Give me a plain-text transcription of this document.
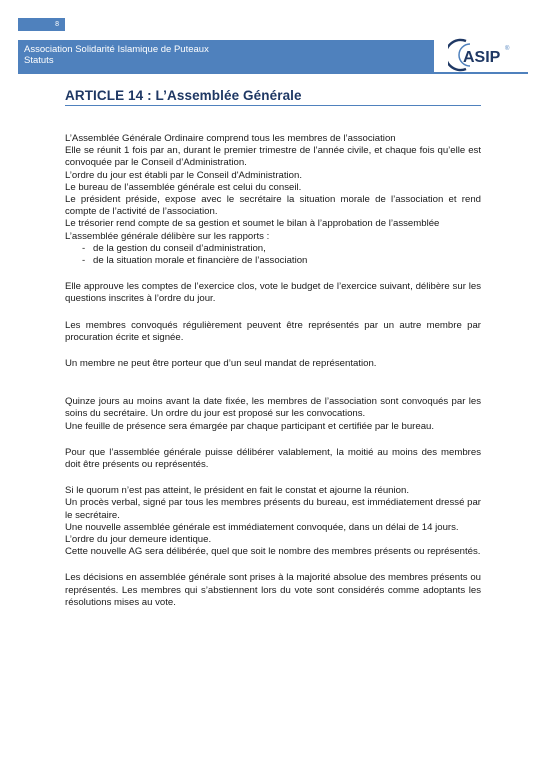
8
Association Solidarité Islamique de Puteaux
Statuts	ASIP ®
ARTICLE 14 : L’Assemblée Générale

L’Assemblée Générale Ordinaire comprend tous les membres de l’association

Elle se réunit 1 fois par an, durant le premier trimestre de l’année civile, et chaque fois qu’elle est convoquée par le Conseil d’Administration.

L’ordre du jour est établi par le Conseil d'Administration.

Le bureau de l’assemblée générale est celui du conseil.

Le président préside, expose avec le secrétaire la situation morale de l’association et rend compte de l’activité de l’association.

Le trésorier rend compte de sa gestion et soumet le bilan à l’approbation de l’assemblée

L’assemblée générale délibère sur les rapports :

- de la gestion du conseil d’administration,
- de la situation morale et financière de l’association

Elle approuve les comptes de l’exercice clos, vote le budget de l’exercice suivant, délibère sur les questions inscrites à l’ordre du jour.

Les membres convoqués régulièrement peuvent être représentés par un autre membre par procuration écrite et signée.

Un membre ne peut être porteur que d’un seul mandat de représentation.

Quinze jours au moins avant la date fixée, les membres de l’association sont convoqués par les soins du secrétaire. Un ordre du jour est proposé sur les convocations.

Une feuille de présence sera émargée par chaque participant et certifiée par le bureau.

Pour que l’assemblée générale puisse délibérer valablement, la moitié au moins des membres doit être présents ou représentés.

Si le quorum n’est pas atteint, le président en fait le constat et ajourne la réunion.

Un procès verbal, signé par tous les membres présents du bureau, est immédiatement dressé par le secrétaire.

Une nouvelle assemblée générale est immédiatement convoquée, dans un délai de 14 jours.

L’ordre du jour demeure identique.

Cette nouvelle AG sera délibérée, quel que soit le nombre des membres présents ou représentés.

Les décisions en assemblée générale sont prises à la majorité absolue des membres présents ou représentés. Les membres qui s’abstiennent lors du vote sont considérés comme adoptants les résolutions mises au vote.
